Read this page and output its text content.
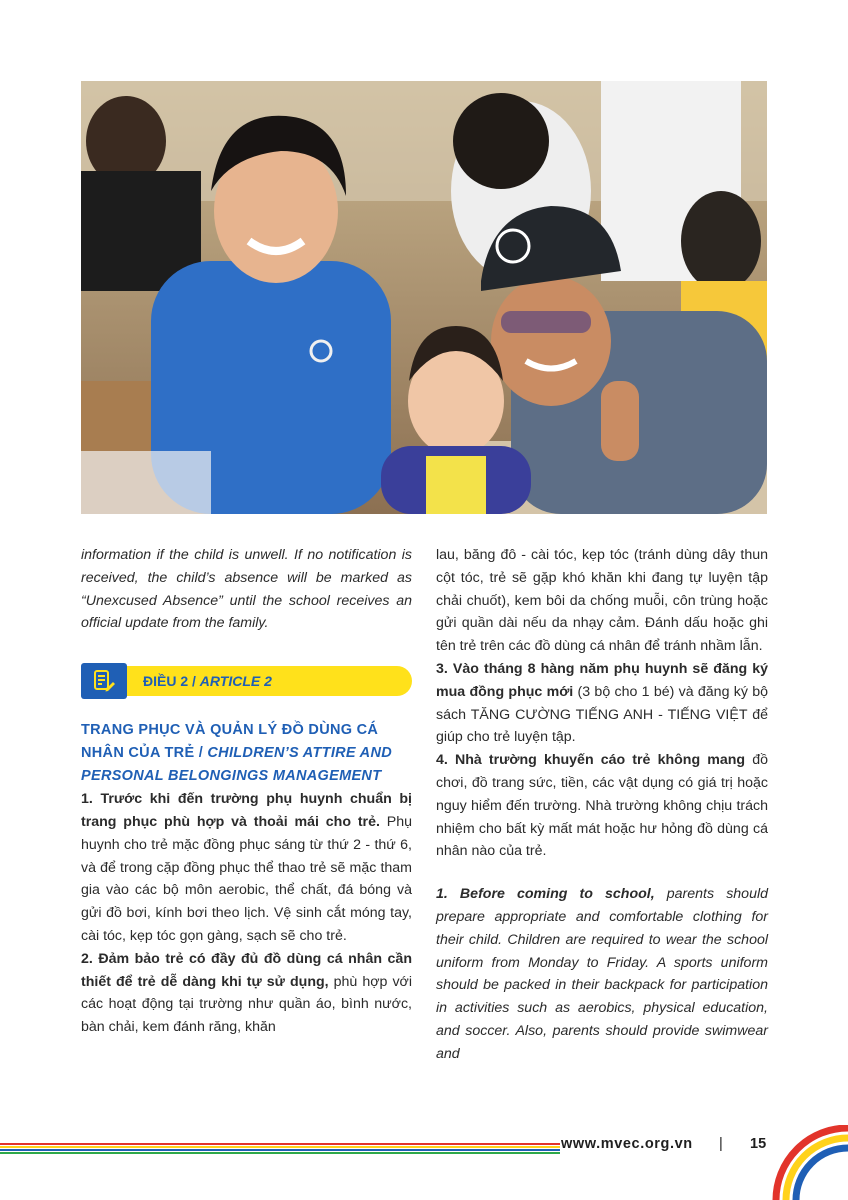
information if the child is unwell. If no notification is received, the child’s absence will be marked as “Unexcused Absence” until the school receives an official update from the family.

ĐIỀU 2 / ARTICLE 2

TRANG PHỤC VÀ QUẢN LÝ ĐỒ DÙNG CÁ NHÂN CỦA TRẺ / CHILDREN’S ATTIRE AND PERSONAL BELONGINGS MANAGEMENT

1. Trước khi đến trường phụ huynh chuẩn bị trang phục phù hợp và thoải mái cho trẻ. Phụ huynh cho trẻ mặc đồng phục sáng từ thứ 2 - thứ 6, và để trong cặp đồng phục thể thao trẻ sẽ mặc tham gia vào các bộ môn aerobic, thể chất, đá bóng và gửi đồ bơi, kính bơi theo lịch. Vệ sinh cắt móng tay, cài tóc, kẹp tóc gọn gàng, sạch sẽ cho trẻ.

2. Đảm bảo trẻ có đầy đủ đồ dùng cá nhân cần thiết để trẻ dễ dàng khi tự sử dụng, phù hợp với các hoạt động tại trường như quần áo, bình nước, bàn chải, kem đánh răng, khăn

lau, băng đô - cài tóc, kẹp tóc (tránh dùng dây thun cột tóc, trẻ sẽ gặp khó khăn khi đang tự luyện tập chải chuốt), kem bôi da chống muỗi, côn trùng hoặc gửi quần dài nếu da nhạy cảm. Đánh dấu hoặc ghi tên trẻ trên các đồ dùng cá nhân để tránh nhầm lẫn.

3. Vào tháng 8 hàng năm phụ huynh sẽ đăng ký mua đồng phục mới (3 bộ cho 1 bé) và đăng ký bộ sách TĂNG CƯỜNG TIẾNG ANH - TIẾNG VIỆT để giúp cho trẻ luyện tập.

4. Nhà trường khuyến cáo trẻ không mang đồ chơi, đồ trang sức, tiền, các vật dụng có giá trị hoặc nguy hiểm đến trường. Nhà trường không chịu trách nhiệm cho bất kỳ mất mát hoặc hư hỏng đồ dùng cá nhân nào của trẻ.

1. Before coming to school, parents should prepare appropriate and comfortable clothing for their child. Children are required to wear the school uniform from Monday to Friday. A sports uniform should be packed in their backpack for participation in activities such as aerobics, physical education, and soccer. Also, parents should provide swimwear and

www.mvec.org.vn | 15
